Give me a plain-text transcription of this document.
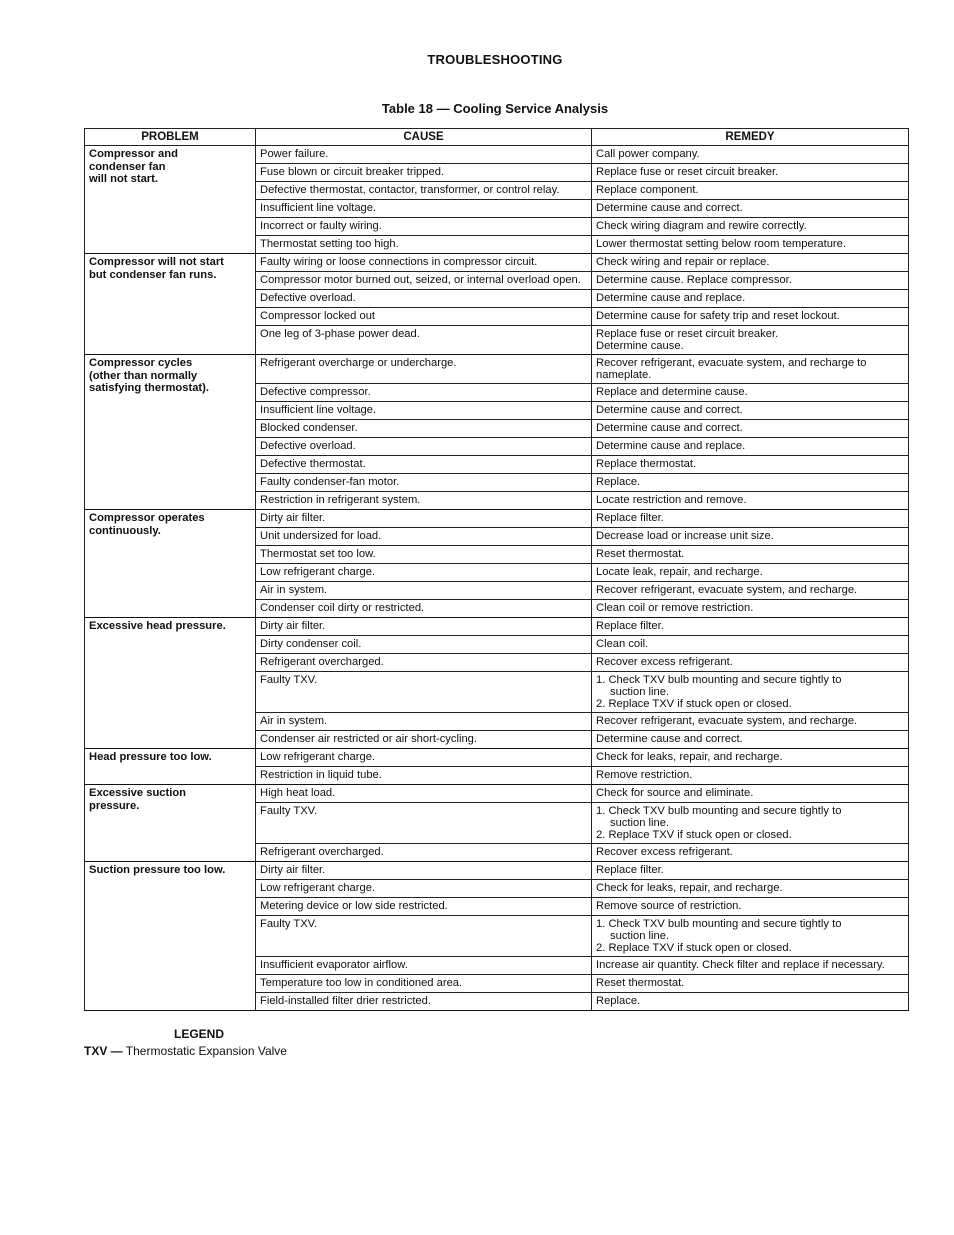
TROUBLESHOOTING
Table 18 — Cooling Service Analysis
PROBLEM	CAUSE	REMEDY

Compressor and
condenser fan
will not start.	Power failure.	Call power company.

	Fuse blown or circuit breaker tripped.	Replace fuse or reset circuit breaker.

	Defective thermostat, contactor, transformer, or control relay.	Replace component.

	Insufficient line voltage.	Determine cause and correct.

	Incorrect or faulty wiring.	Check wiring diagram and rewire correctly.

	Thermostat setting too high.	Lower thermostat setting below room temperature.

Compressor will not start
but condenser fan runs.	Faulty wiring or loose connections in compressor circuit.	Check wiring and repair or replace.

	Compressor motor burned out, seized, or internal overload open.	Determine cause. Replace compressor.

	Defective overload.	Determine cause and replace.

	Compressor locked out	Determine cause for safety trip and reset lockout.

	One leg of 3-phase power dead.	Replace fuse or reset circuit breaker.
Determine cause.

Compressor cycles
(other than normally
satisfying thermostat).	Refrigerant overcharge or undercharge.	Recover refrigerant, evacuate system, and recharge to nameplate.

	Defective compressor.	Replace and determine cause.

	Insufficient line voltage.	Determine cause and correct.

	Blocked condenser.	Determine cause and correct.

	Defective overload.	Determine cause and replace.

	Defective thermostat.	Replace thermostat.

	Faulty condenser-fan motor.	Replace.

	Restriction in refrigerant system.	Locate restriction and remove.

Compressor operates
continuously.	Dirty air filter.	Replace filter.

	Unit undersized for load.	Decrease load or increase unit size.

	Thermostat set too low.	Reset thermostat.

	Low refrigerant charge.	Locate leak, repair, and recharge.

	Air in system.	Recover refrigerant, evacuate system, and recharge.

	Condenser coil dirty or restricted.	Clean coil or remove restriction.

Excessive head pressure.	Dirty air filter.	Replace filter.

	Dirty condenser coil.	Clean coil.

	Refrigerant overcharged.	Recover excess refrigerant.

	Faulty TXV.	1. Check TXV bulb mounting and secure tightly to
suction line.
2. Replace TXV if stuck open or closed.

	Air in system.	Recover refrigerant, evacuate system, and recharge.

	Condenser air restricted or air short-cycling.	Determine cause and correct.

Head pressure too low.	Low refrigerant charge.	Check for leaks, repair, and recharge.

	Restriction in liquid tube.	Remove restriction.

Excessive suction
pressure.	High heat load.	Check for source and eliminate.

	Faulty TXV.	1. Check TXV bulb mounting and secure tightly to
suction line.
2. Replace TXV if stuck open or closed.

	Refrigerant overcharged.	Recover excess refrigerant.

Suction pressure too low.	Dirty air filter.	Replace filter.

	Low refrigerant charge.	Check for leaks, repair, and recharge.

	Metering device or low side restricted.	Remove source of restriction.

	Faulty TXV.	1. Check TXV bulb mounting and secure tightly to
suction line.
2. Replace TXV if stuck open or closed.

	Insufficient evaporator airflow.	Increase air quantity. Check filter and replace if necessary.

	Temperature too low in conditioned area.	Reset thermostat.

	Field-installed filter drier restricted.	Replace.
LEGEND
TXV — Thermostatic Expansion Valve
